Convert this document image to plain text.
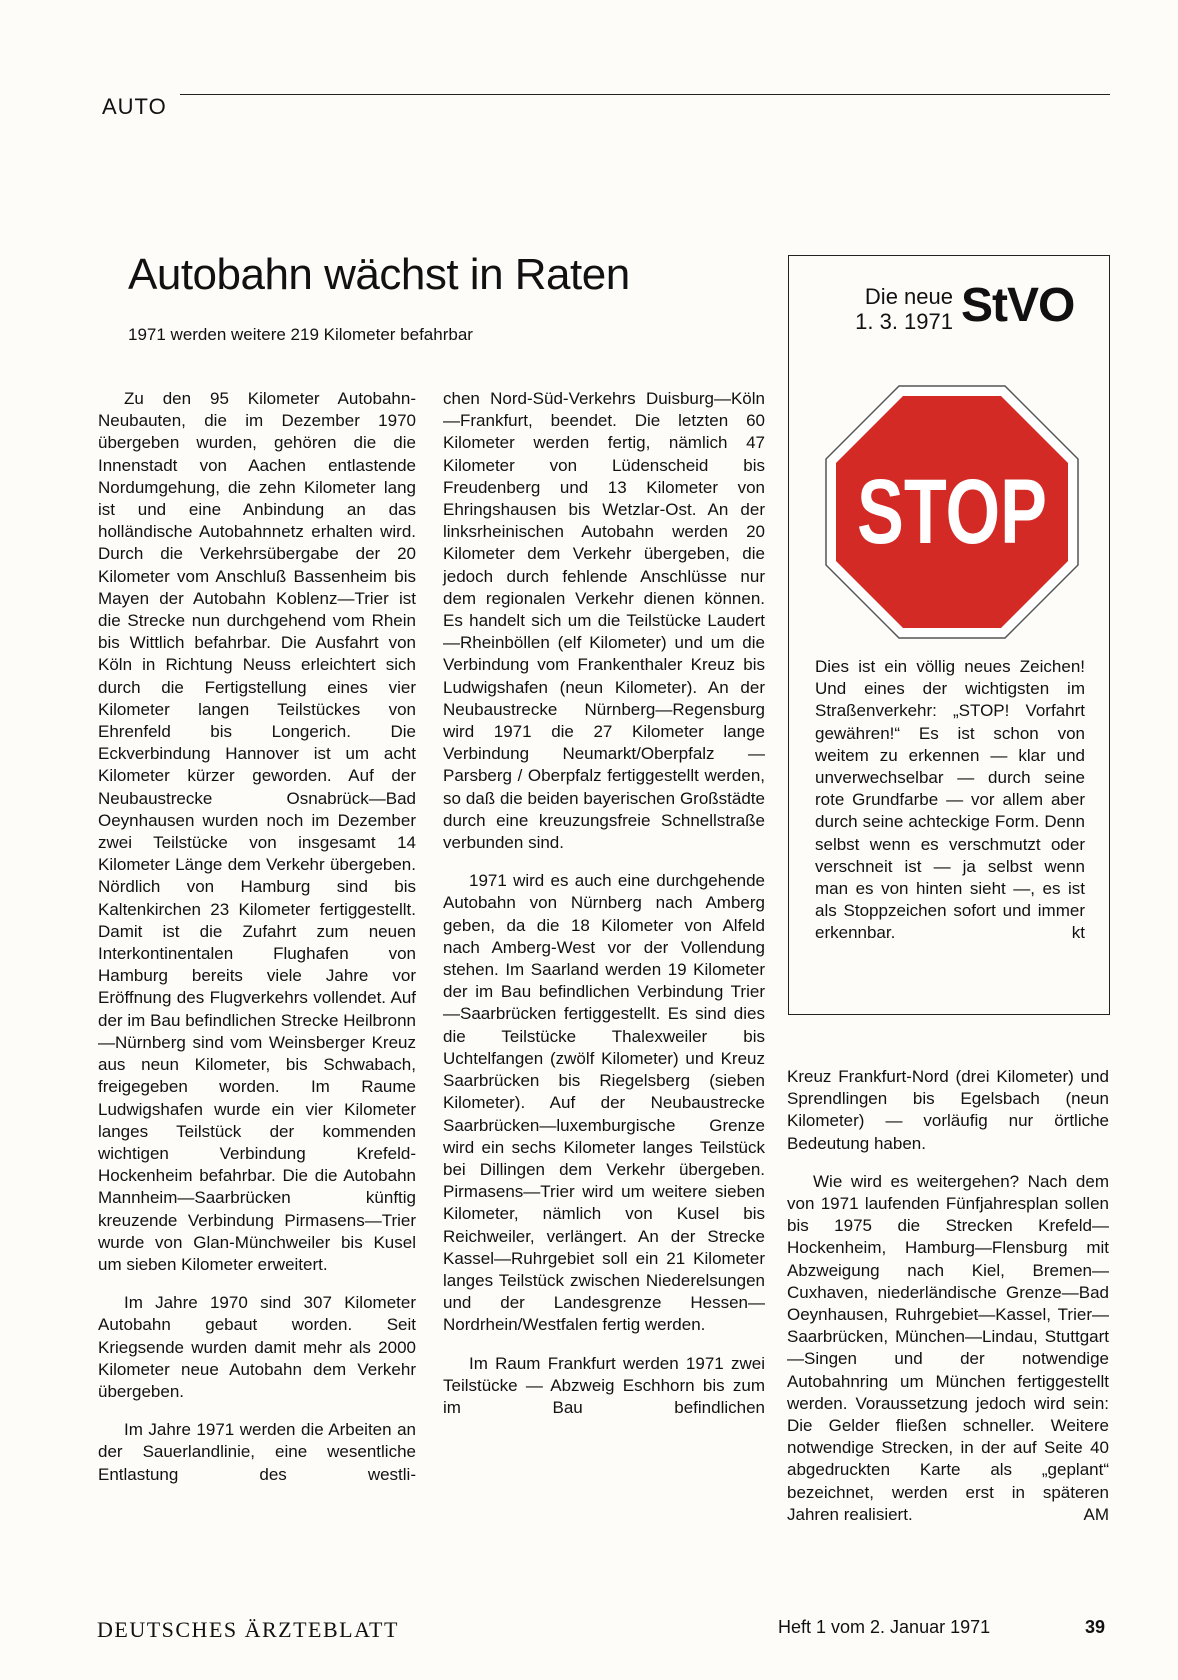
AUTO
Autobahn wächst in Raten
1971 werden weitere 219 Kilometer befahrbar

Zu den 95 Kilometer Autobahn-Neubauten, die im Dezember 1970 übergeben wurden, gehören die die Innenstadt von Aachen entlastende Nordumgehung, die zehn Kilometer lang ist und eine Anbindung an das holländische Autobahnnetz erhalten wird. Durch die Verkehrsübergabe der 20 Kilometer vom Anschluß Bassenheim bis Mayen der Autobahn Koblenz—Trier ist die Strecke nun durchgehend vom Rhein bis Wittlich befahrbar. Die Ausfahrt von Köln in Richtung Neuss erleichtert sich durch die Fertigstellung eines vier Kilometer langen Teilstückes von Ehrenfeld bis Longerich. Die Eckverbindung Hannover ist um acht Kilometer kürzer geworden. Auf der Neubaustrecke Osnabrück—Bad Oeynhausen wurden noch im Dezember zwei Teilstücke von insgesamt 14 Kilometer Länge dem Verkehr übergeben. Nördlich von Hamburg sind bis Kaltenkirchen 23 Kilometer fertiggestellt. Damit ist die Zufahrt zum neuen Interkontinentalen Flughafen von Hamburg bereits viele Jahre vor Eröffnung des Flugverkehrs vollendet. Auf der im Bau befindlichen Strecke Heilbronn—Nürnberg sind vom Weinsberger Kreuz aus neun Kilometer, bis Schwabach, freigegeben worden. Im Raume Ludwigshafen wurde ein vier Kilometer langes Teilstück der kommenden wichtigen Verbindung Krefeld-Hockenheim befahrbar. Die die Autobahn Mannheim—Saarbrücken künftig kreuzende Verbindung Pirmasens—Trier wurde von Glan-Münchweiler bis Kusel um sieben Kilometer erweitert.

Im Jahre 1970 sind 307 Kilometer Autobahn gebaut worden. Seit Kriegsende wurden damit mehr als 2000 Kilometer neue Autobahn dem Verkehr übergeben.

Im Jahre 1971 werden die Arbeiten an der Sauerlandlinie, eine wesentliche Entlastung des westli-

chen Nord-Süd-Verkehrs Duisburg—Köln—Frankfurt, beendet. Die letzten 60 Kilometer werden fertig, nämlich 47 Kilometer von Lüdenscheid bis Freudenberg und 13 Kilometer von Ehringshausen bis Wetzlar-Ost. An der linksrheinischen Autobahn werden 20 Kilometer dem Verkehr übergeben, die jedoch durch fehlende Anschlüsse nur dem regionalen Verkehr dienen können. Es handelt sich um die Teilstücke Laudert—Rheinböllen (elf Kilometer) und um die Verbindung vom Frankenthaler Kreuz bis Ludwigshafen (neun Kilometer). An der Neubaustrecke Nürnberg—Regensburg wird 1971 die 27 Kilometer lange Verbindung Neumarkt/Oberpfalz — Parsberg / Oberpfalz fertiggestellt werden, so daß die beiden bayerischen Großstädte durch eine kreuzungsfreie Schnellstraße verbunden sind.

1971 wird es auch eine durchgehende Autobahn von Nürnberg nach Amberg geben, da die 18 Kilometer von Alfeld nach Amberg-West vor der Vollendung stehen. Im Saarland werden 19 Kilometer der im Bau befindlichen Verbindung Trier—Saarbrücken fertiggestellt. Es sind dies die Teilstücke Thalexweiler bis Uchtelfangen (zwölf Kilometer) und Kreuz Saarbrücken bis Riegelsberg (sieben Kilometer). Auf der Neubaustrecke Saarbrücken—luxemburgische Grenze wird ein sechs Kilometer langes Teilstück bei Dillingen dem Verkehr übergeben. Pirmasens—Trier wird um weitere sieben Kilometer, nämlich von Kusel bis Reichweiler, verlängert. An der Strecke Kassel—Ruhrgebiet soll ein 21 Kilometer langes Teilstück zwischen Niederelsungen und der Landesgrenze Hessen—Nordrhein/Westfalen fertig werden.

Im Raum Frankfurt werden 1971 zwei Teilstücke — Abzweig Eschhorn bis zum im Bau befindlichen

Die neue
1. 3. 1971 StVO
STOP
Dies ist ein völlig neues Zeichen! Und eines der wichtigsten im Straßenverkehr: „STOP! Vorfahrt gewähren!“ Es ist schon von weitem zu erkennen — klar und unverwechselbar — durch seine rote Grundfarbe — vor allem aber durch seine achteckige Form. Denn selbst wenn es verschmutzt oder verschneit ist — ja selbst wenn man es von hinten sieht —, es ist als Stoppzeichen sofort und immer erkennbar.	kt

Kreuz Frankfurt-Nord (drei Kilometer) und Sprendlingen bis Egelsbach (neun Kilometer) — vorläufig nur örtliche Bedeutung haben.

Wie wird es weitergehen? Nach dem von 1971 laufenden Fünfjahresplan sollen bis 1975 die Strecken Krefeld—Hockenheim, Hamburg—Flensburg mit Abzweigung nach Kiel, Bremen—Cuxhaven, niederländische Grenze—Bad Oeynhausen, Ruhrgebiet—Kassel, Trier—Saarbrücken, München—Lindau, Stuttgart—Singen und der notwendige Autobahnring um München fertiggestellt werden. Voraussetzung jedoch wird sein: Die Gelder fließen schneller. Weitere notwendige Strecken, in der auf Seite 40 abgedruckten Karte als „geplant“ bezeichnet, werden erst in späteren Jahren realisiert.	AM

DEUTSCHES ÄRZTEBLATT	Heft 1 vom 2. Januar 1971	39
